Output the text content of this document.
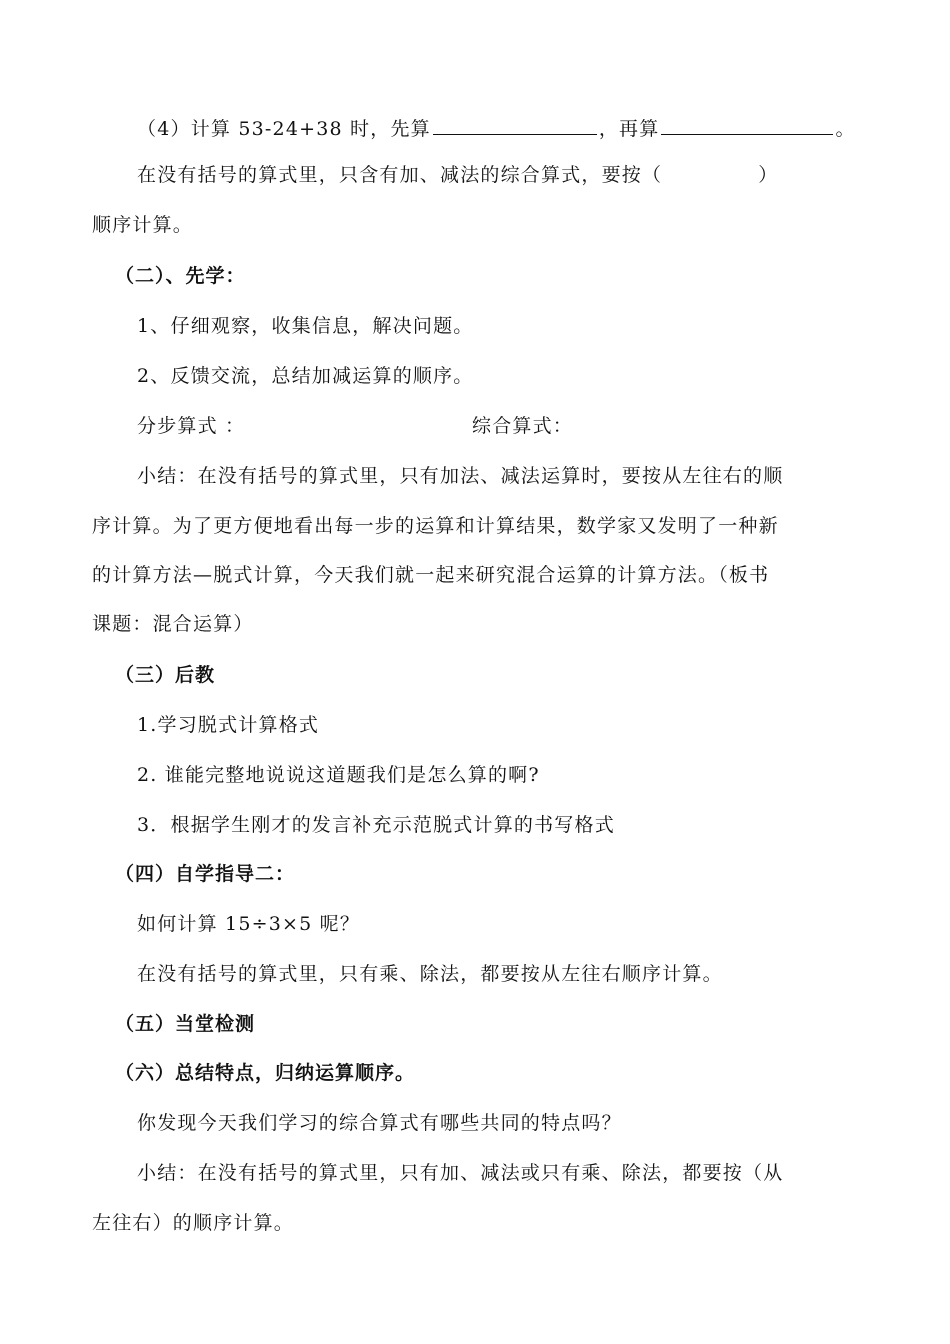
（4）计算 53-24+38 时，先算	，再算	。
在没有括号的算式里，只含有加、减法的综合算式，要按（	）
顺序计算。
（二）、先学：
1、仔细观察，收集信息，解决问题。
2、反馈交流，总结加减运算的顺序。
分步算式 ：	综合算式：
小结：在没有括号的算式里，只有加法、减法运算时，要按从左往右的顺
序计算。为了更方便地看出每一步的运算和计算结果，数学家又发明了一种新
的计算方法—脱式计算，今天我们就一起来研究混合运算的计算方法。（板书
课题：混合运算）
（三）后教
1.学习脱式计算格式
2. 谁能完整地说说这道题我们是怎么算的啊?
3．根据学生刚才的发言补充示范脱式计算的书写格式
（四）自学指导二：
如何计算 15÷3×5 呢？
在没有括号的算式里，只有乘、除法，都要按从左往右顺序计算。
（五）当堂检测
（六）总结特点，归纳运算顺序。
你发现今天我们学习的综合算式有哪些共同的特点吗？
小结：在没有括号的算式里，只有加、减法或只有乘、除法，都要按（从
左往右）的顺序计算。
